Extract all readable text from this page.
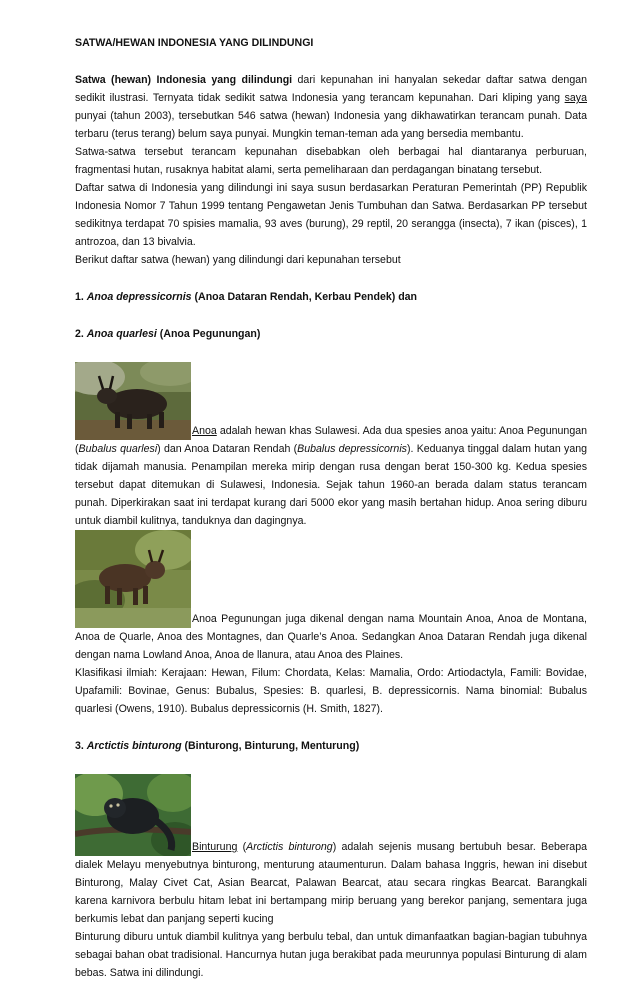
SATWA/HEWAN INDONESIA YANG DILINDUNGI

Satwa (hewan) Indonesia yang dilindungi dari kepunahan ini hanyalan sekedar daftar satwa dengan sedikit ilustrasi. Ternyata tidak sedikit satwa Indonesia yang terancam kepunahan. Dari kliping yang saya punyai (tahun 2003), tersebutkan 546 satwa (hewan) Indonesia yang dikhawatirkan terancam punah. Data terbaru (terus terang) belum saya punyai. Mungkin teman-teman ada yang bersedia membantu.

Satwa-satwa tersebut terancam kepunahan disebabkan oleh berbagai hal diantaranya perburuan, fragmentasi hutan, rusaknya habitat alami, serta pemeliharaan dan perdagangan binatang tersebut.

Daftar satwa di Indonesia yang dilindungi ini saya susun berdasarkan Peraturan Pemerintah (PP) Republik Indonesia Nomor 7 Tahun 1999 tentang Pengawetan Jenis Tumbuhan dan Satwa. Berdasarkan PP tersebut sedikitnya terdapat 70 spisies mamalia, 93 aves (burung), 29 reptil, 20 serangga (insecta), 7 ikan (pisces), 1 antrozoa, dan 13 bivalvia.

Berikut daftar satwa (hewan) yang dilindungi dari kepunahan tersebut

1. Anoa depressicornis (Anoa Dataran Rendah, Kerbau Pendek) dan

2. Anoa quarlesi (Anoa Pegunungan)

Anoa adalah hewan khas Sulawesi. Ada dua spesies anoa yaitu: Anoa Pegunungan (Bubalus quarlesi) dan Anoa Dataran Rendah (Bubalus depressicornis). Keduanya tinggal dalam hutan yang tidak dijamah manusia. Penampilan mereka mirip dengan rusa dengan berat 150-300 kg. Kedua spesies tersebut dapat ditemukan di Sulawesi, Indonesia. Sejak tahun 1960-an berada dalam status terancam punah. Diperkirakan saat ini terdapat kurang dari 5000 ekor yang masih bertahan hidup. Anoa sering diburu untuk diambil kulitnya, tanduknya dan dagingnya.

Anoa Pegunungan juga dikenal dengan nama Mountain Anoa, Anoa de Montana, Anoa de Quarle, Anoa des Montagnes, dan Quarle’s Anoa. Sedangkan Anoa Dataran Rendah juga dikenal dengan nama Lowland Anoa, Anoa de llanura, atau Anoa des Plaines.

Klasifikasi ilmiah: Kerajaan: Hewan, Filum: Chordata, Kelas: Mamalia, Ordo: Artiodactyla, Famili: Bovidae, Upafamili: Bovinae, Genus: Bubalus, Spesies: B. quarlesi, B. depressicornis. Nama binomial: Bubalus quarlesi (Owens, 1910). Bubalus depressicornis (H. Smith, 1827).

3. Arctictis binturong (Binturong, Binturung, Menturung)

Binturung (Arctictis binturong) adalah sejenis musang bertubuh besar. Beberapa dialek Melayu menyebutnya binturong, menturung ataumenturun. Dalam bahasa Inggris, hewan ini disebut Binturong, Malay Civet Cat, Asian Bearcat, Palawan Bearcat, atau secara ringkas Bearcat. Barangkali karena karnivora berbulu hitam lebat ini bertampang mirip beruang yang berekor panjang, sementara juga berkumis lebat dan panjang seperti kucing

Binturung diburu untuk diambil kulitnya yang berbulu tebal, dan untuk dimanfaatkan bagian-bagian tubuhnya sebagai bahan obat tradisional. Hancurnya hutan juga berakibat pada meurunnya populasi Binturung di alam bebas. Satwa ini dilindungi.
